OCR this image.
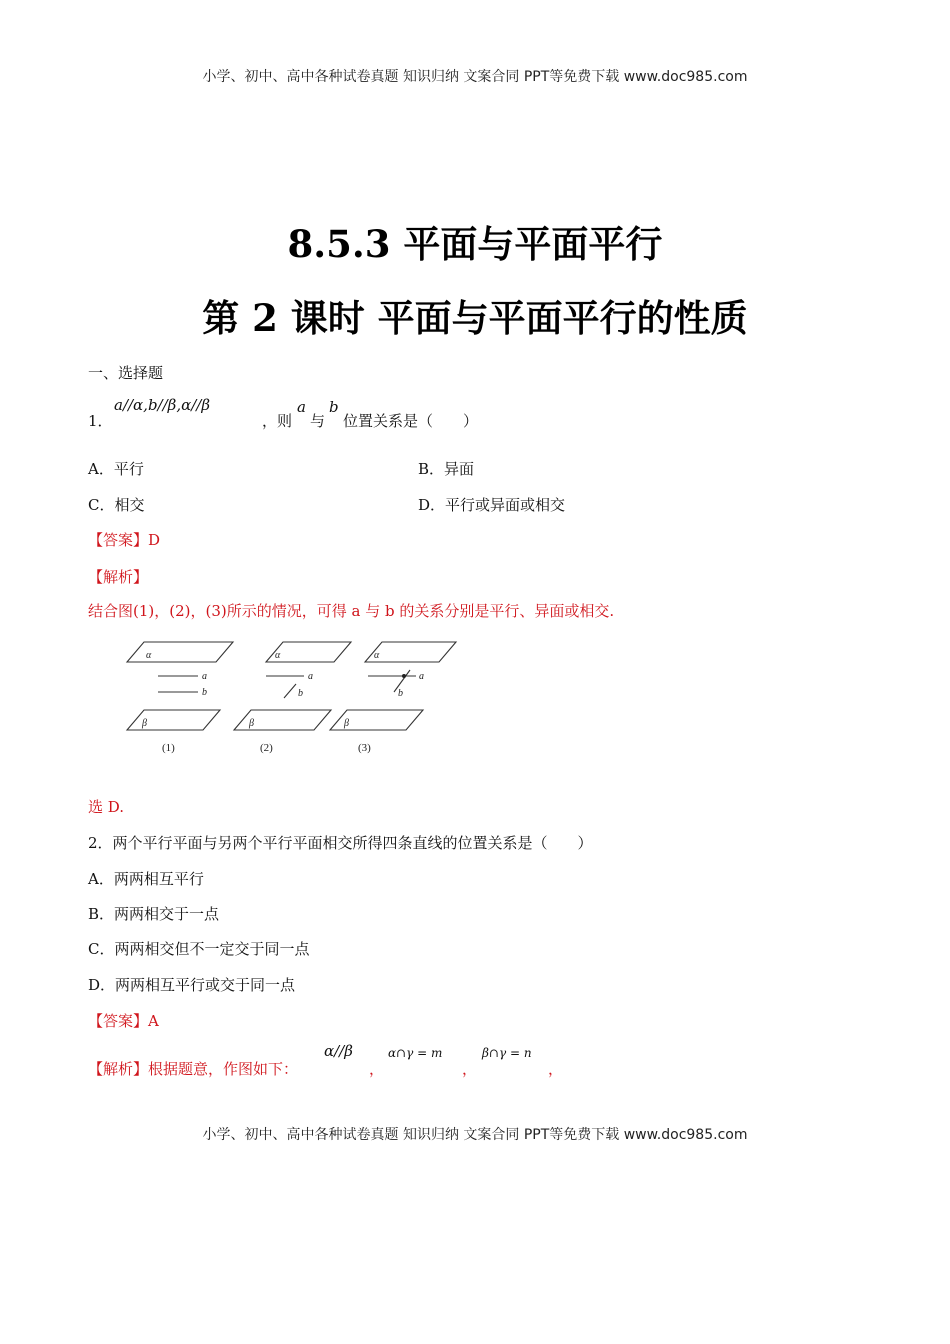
小学、初中、高中各种试卷真题 知识归纳 文案合同 PPT等免费下载 www.doc985.com
8.5.3 平面与平面平行
第 2 课时 平面与平面平行的性质
一、选择题
1．
a//α,b//β,α//β
，则
a
与
b
位置关系是（　　）
A．平行	B．异面
C．相交	D．平行或异面或相交
【答案】D
【解析】
结合图(1)，(2)，(3)所示的情况，可得 a 与 b 的关系分别是平行、异面或相交.
α
a
b
β
α
a
b
β
α
a
b
β
(1)	(2)	(3)
选 D.
2．两个平行平面与另两个平行平面相交所得四条直线的位置关系是（　　）
A．两两相互平行
B．两两相交于一点
C．两两相交但不一定交于同一点
D．两两相互平行或交于同一点
【答案】A
【解析】根据题意，作图如下：
α//β
，
α∩γ = m
，
β∩γ = n
，
小学、初中、高中各种试卷真题 知识归纳 文案合同 PPT等免费下载 www.doc985.com
